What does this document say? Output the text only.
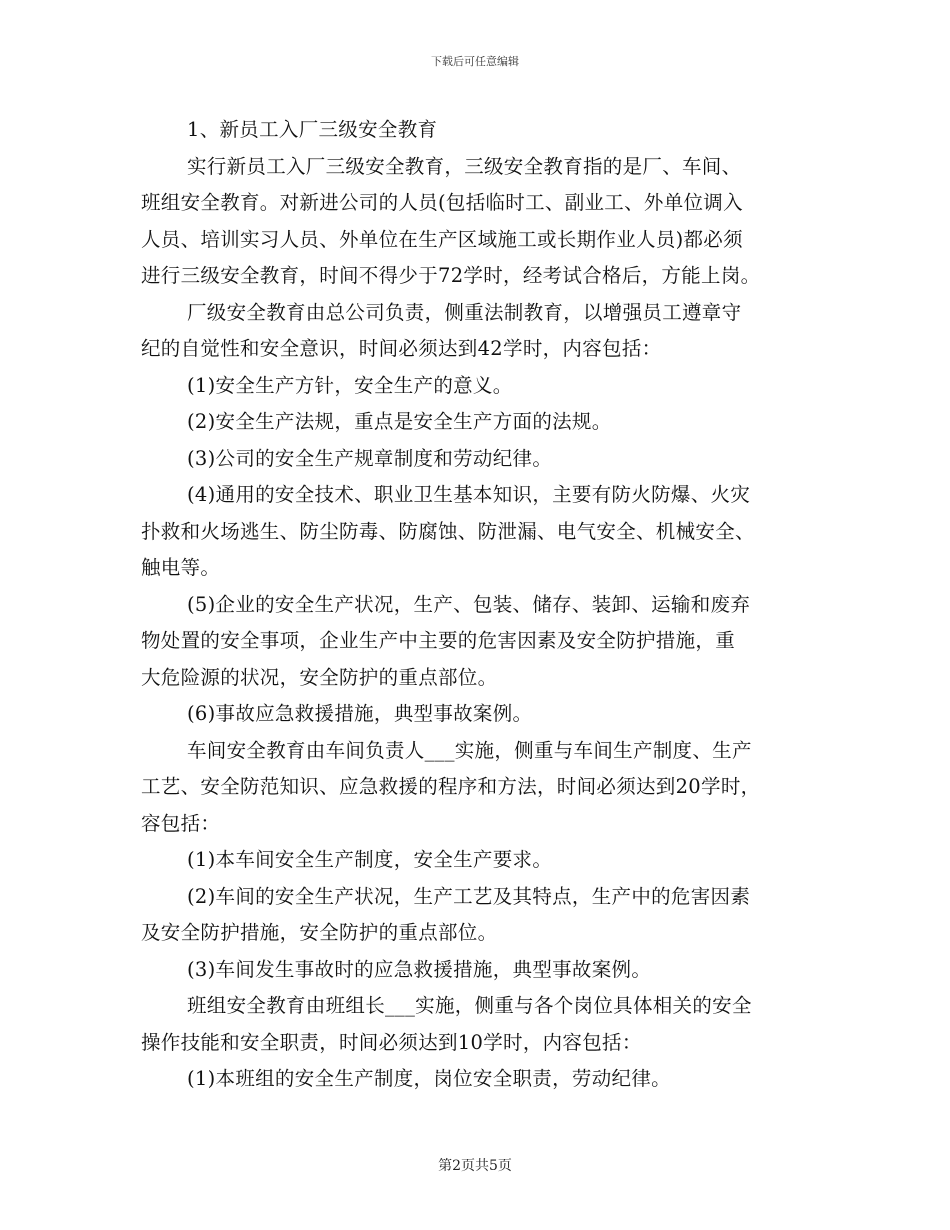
下载后可任意编辑
1、新员工入厂三级安全教育
实行新员工入厂三级安全教育，三级安全教育指的是厂、车间、
班组安全教育。对新进公司的人员(包括临时工、副业工、外单位调入
人员、培训实习人员、外单位在生产区域施工或长期作业人员)都必须
进行三级安全教育，时间不得少于72学时，经考试合格后，方能上岗。
厂级安全教育由总公司负责，侧重法制教育，以增强员工遵章守
纪的自觉性和安全意识，时间必须达到42学时，内容包括：
(1)安全生产方针，安全生产的意义。
(2)安全生产法规，重点是安全生产方面的法规。
(3)公司的安全生产规章制度和劳动纪律。
(4)通用的安全技术、职业卫生基本知识，主要有防火防爆、火灾
扑救和火场逃生、防尘防毒、防腐蚀、防泄漏、电气安全、机械安全、
触电等。
(5)企业的安全生产状况，生产、包装、储存、装卸、运输和废弃
物处置的安全事项，企业生产中主要的危害因素及安全防护措施，重
大危险源的状况，安全防护的重点部位。
(6)事故应急救援措施，典型事故案例。
车间安全教育由车间负责人___实施，侧重与车间生产制度、生产
工艺、安全防范知识、应急救援的程序和方法，时间必须达到20学时，
容包括：
(1)本车间安全生产制度，安全生产要求。
(2)车间的安全生产状况，生产工艺及其特点，生产中的危害因素
及安全防护措施，安全防护的重点部位。
(3)车间发生事故时的应急救援措施，典型事故案例。
班组安全教育由班组长___实施，侧重与各个岗位具体相关的安全
操作技能和安全职责，时间必须达到10学时，内容包括：
(1)本班组的安全生产制度，岗位安全职责，劳动纪律。
第2页共5页
